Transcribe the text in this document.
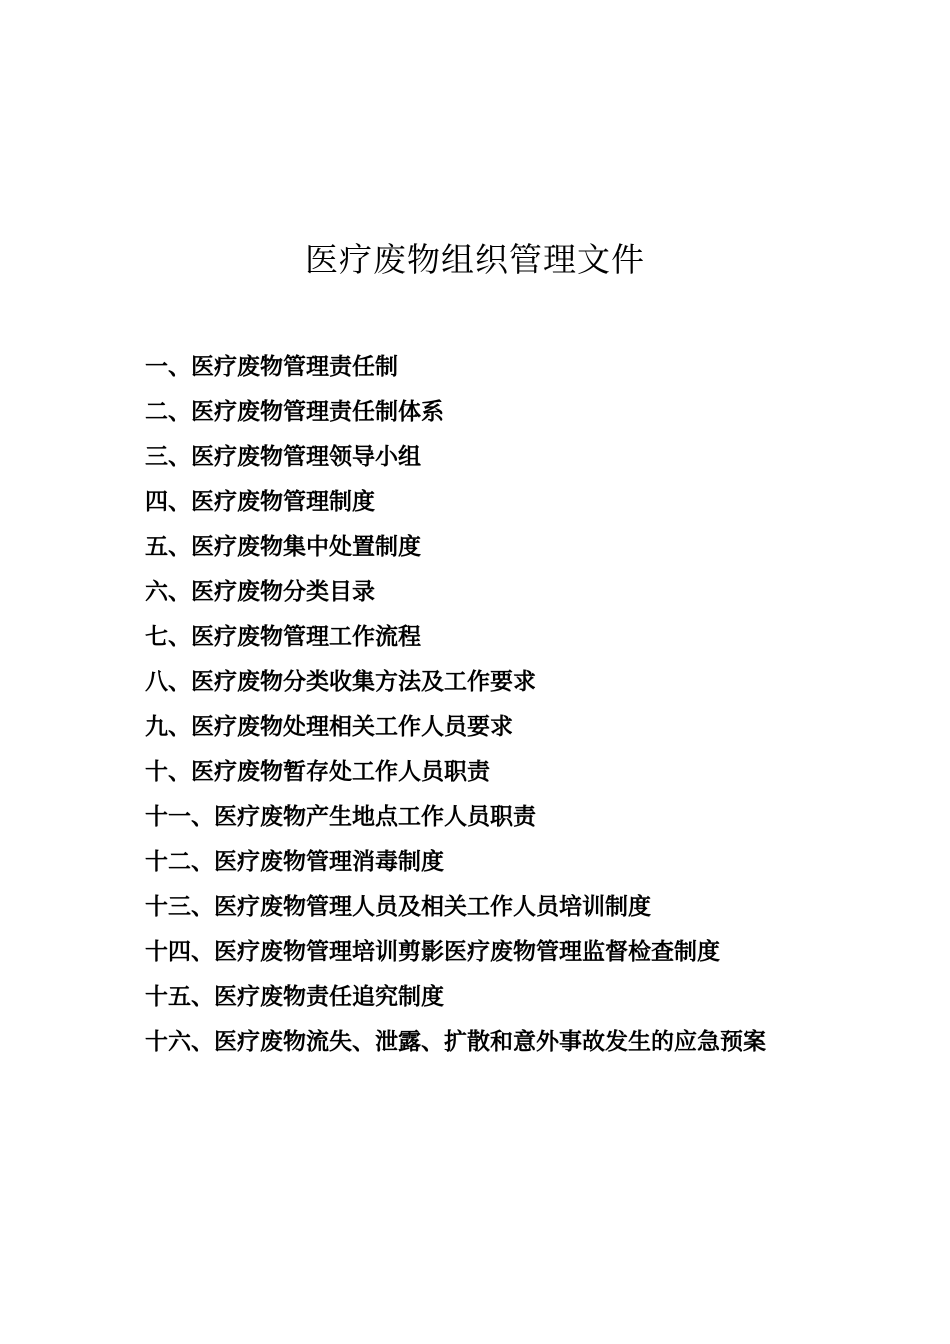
医疗废物组织管理文件
一、医疗废物管理责任制
二、医疗废物管理责任制体系
三、医疗废物管理领导小组
四、医疗废物管理制度
五、医疗废物集中处置制度
六、医疗废物分类目录
七、医疗废物管理工作流程
八、医疗废物分类收集方法及工作要求
九、医疗废物处理相关工作人员要求
十、医疗废物暂存处工作人员职责
十一、医疗废物产生地点工作人员职责
十二、医疗废物管理消毒制度
十三、医疗废物管理人员及相关工作人员培训制度
十四、医疗废物管理培训剪影医疗废物管理监督检查制度
十五、医疗废物责任追究制度
十六、医疗废物流失、泄露、扩散和意外事故发生的应急预案
